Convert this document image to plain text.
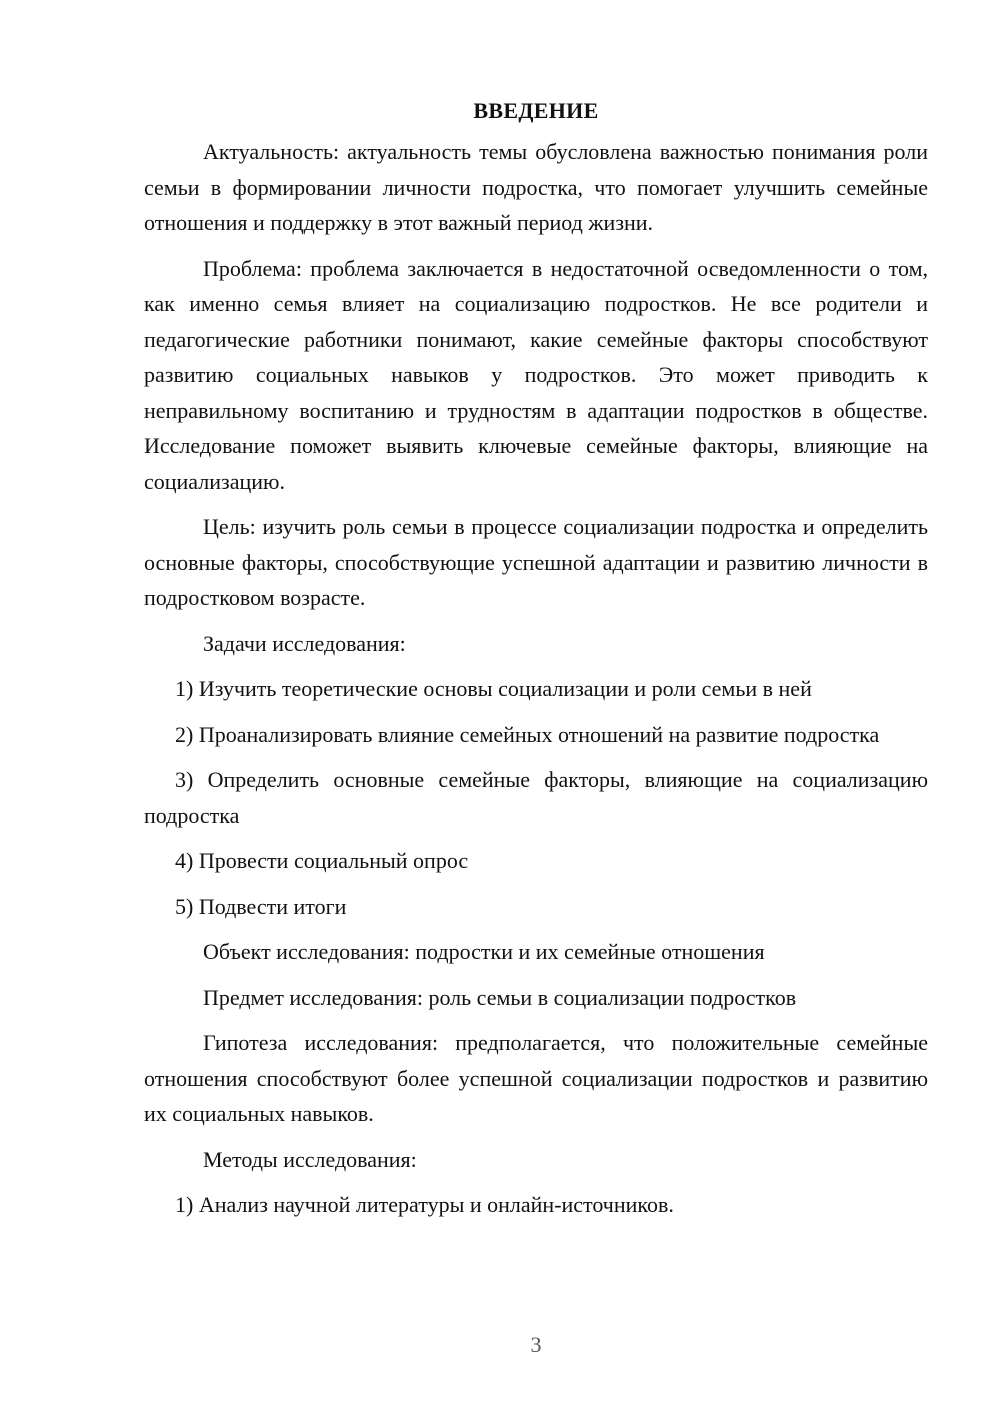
ВВЕДЕНИЕ
Актуальность: актуальность темы обусловлена важностью понимания роли семьи в формировании личности подростка, что помогает улучшить семейные отношения и поддержку в этот важный период жизни.
Проблема: проблема заключается в недостаточной осведомленности о том, как именно семья влияет на социализацию подростков. Не все родители и педагогические работники понимают, какие семейные факторы способствуют развитию социальных навыков у подростков. Это может приводить к неправильному воспитанию и трудностям в адаптации подростков в обществе. Исследование поможет выявить ключевые семейные факторы, влияющие на социализацию.
Цель: изучить роль семьи в процессе социализации подростка и определить основные факторы, способствующие успешной адаптации и развитию личности в подростковом возрасте.
Задачи исследования:
1) Изучить теоретические основы социализации и роли семьи в ней
2) Проанализировать влияние семейных отношений на развитие подростка
3) Определить основные семейные факторы, влияющие на социализацию подростка
4) Провести социальный опрос
5) Подвести итоги
Объект исследования: подростки и их семейные отношения
Предмет исследования: роль семьи в социализации подростков
Гипотеза исследования: предполагается, что положительные семейные отношения способствуют более успешной социализации подростков и развитию их социальных навыков.
Методы исследования:
1) Анализ научной литературы и онлайн-источников.
3
